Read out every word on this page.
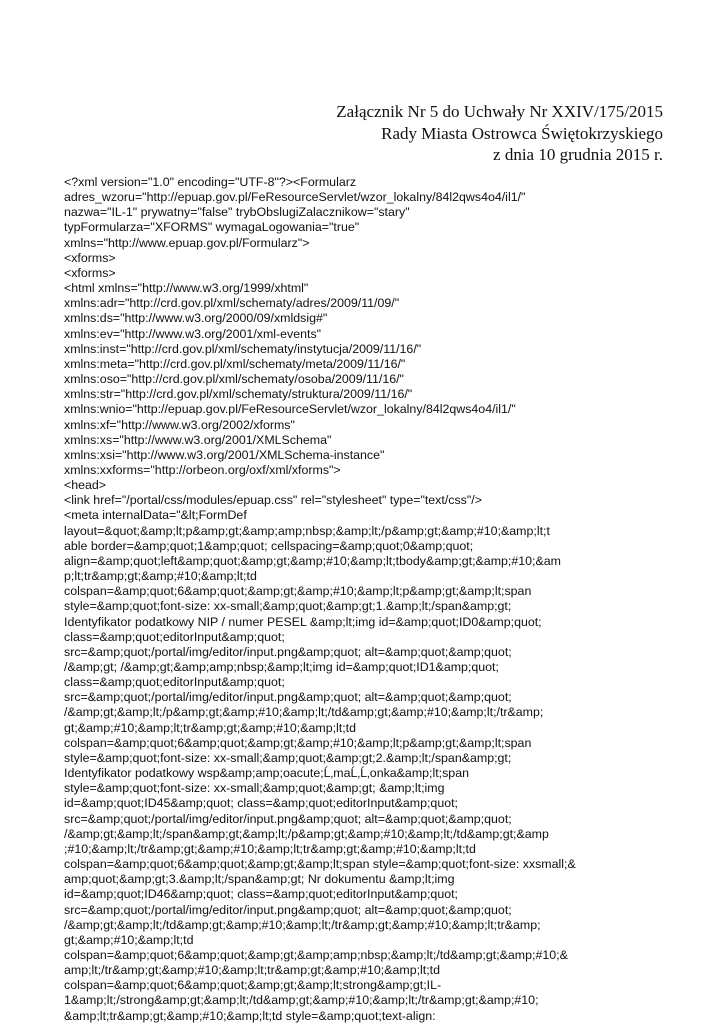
Załącznik Nr 5 do Uchwały Nr XXIV/175/2015
Rady Miasta Ostrowca Świętokrzyskiego
z dnia 10 grudnia 2015 r.
<?xml version="1.0" encoding="UTF-8"?><Formularz
adres_wzoru="http://epuap.gov.pl/FeResourceServlet/wzor_lokalny/84l2qws4o4/il1/"
nazwa="IL-1" prywatny="false" trybObslugiZalacznikow="stary"
typFormularza="XFORMS" wymagaLogowania="true"
xmlns="http://www.epuap.gov.pl/Formularz">
<xforms>
<xforms>
<html xmlns="http://www.w3.org/1999/xhtml"
xmlns:adr="http://crd.gov.pl/xml/schematy/adres/2009/11/09/"
xmlns:ds="http://www.w3.org/2000/09/xmldsig#"
xmlns:ev="http://www.w3.org/2001/xml-events"
xmlns:inst="http://crd.gov.pl/xml/schematy/instytucja/2009/11/16/"
xmlns:meta="http://crd.gov.pl/xml/schematy/meta/2009/11/16/"
xmlns:oso="http://crd.gov.pl/xml/schematy/osoba/2009/11/16/"
xmlns:str="http://crd.gov.pl/xml/schematy/struktura/2009/11/16/"
xmlns:wnio="http://epuap.gov.pl/FeResourceServlet/wzor_lokalny/84l2qws4o4/il1/"
xmlns:xf="http://www.w3.org/2002/xforms"
xmlns:xs="http://www.w3.org/2001/XMLSchema"
xmlns:xsi="http://www.w3.org/2001/XMLSchema-instance"
xmlns:xxforms="http://orbeon.org/oxf/xml/xforms">
<head>
<link href="/portal/css/modules/epuap.css" rel="stylesheet" type="text/css"/>
<meta internalData="&lt;FormDef
layout=&quot;&amp;lt;p&amp;gt;&amp;amp;nbsp;&amp;lt;/p&amp;gt;&amp;#10;&amp;lt;t
able border=&amp;quot;1&amp;quot; cellspacing=&amp;quot;0&amp;quot;
align=&amp;quot;left&amp;quot;&amp;gt;&amp;#10;&amp;lt;tbody&amp;gt;&amp;#10;&am
p;lt;tr&amp;gt;&amp;#10;&amp;lt;td
colspan=&amp;quot;6&amp;quot;&amp;gt;&amp;#10;&amp;lt;p&amp;gt;&amp;lt;span
style=&amp;quot;font-size: xx-small;&amp;quot;&amp;gt;1.&amp;lt;/span&amp;gt;
Identyfikator podatkowy NIP / numer PESEL &amp;lt;img id=&amp;quot;ID0&amp;quot;
class=&amp;quot;editorInput&amp;quot;
src=&amp;quot;/portal/img/editor/input.png&amp;quot; alt=&amp;quot;&amp;quot;
/&amp;gt; /&amp;gt;&amp;amp;nbsp;&amp;lt;img id=&amp;quot;ID1&amp;quot;
class=&amp;quot;editorInput&amp;quot;
src=&amp;quot;/portal/img/editor/input.png&amp;quot; alt=&amp;quot;&amp;quot;
/&amp;gt;&amp;lt;/p&amp;gt;&amp;#10;&amp;lt;/td&amp;gt;&amp;#10;&amp;lt;/tr&amp;
gt;&amp;#10;&amp;lt;tr&amp;gt;&amp;#10;&amp;lt;td
colspan=&amp;quot;6&amp;quot;&amp;gt;&amp;#10;&amp;lt;p&amp;gt;&amp;lt;span
style=&amp;quot;font-size: xx-small;&amp;quot;&amp;gt;2.&amp;lt;/span&amp;gt;
Identyfikator podatkowy wsp&amp;amp;oacute;Ĺ‚maĹ‚Ĺ‚onka&amp;lt;span
style=&amp;quot;font-size: xx-small;&amp;quot;&amp;gt; &amp;lt;img
id=&amp;quot;ID45&amp;quot; class=&amp;quot;editorInput&amp;quot;
src=&amp;quot;/portal/img/editor/input.png&amp;quot; alt=&amp;quot;&amp;quot;
/&amp;gt;&amp;lt;/span&amp;gt;&amp;lt;/p&amp;gt;&amp;#10;&amp;lt;/td&amp;gt;&amp
;#10;&amp;lt;/tr&amp;gt;&amp;#10;&amp;lt;tr&amp;gt;&amp;#10;&amp;lt;td
colspan=&amp;quot;6&amp;quot;&amp;gt;&amp;lt;span style=&amp;quot;font-size: xxsmall;&
amp;quot;&amp;gt;3.&amp;lt;/span&amp;gt; Nr dokumentu &amp;lt;img
id=&amp;quot;ID46&amp;quot; class=&amp;quot;editorInput&amp;quot;
src=&amp;quot;/portal/img/editor/input.png&amp;quot; alt=&amp;quot;&amp;quot;
/&amp;gt;&amp;lt;/td&amp;gt;&amp;#10;&amp;lt;/tr&amp;gt;&amp;#10;&amp;lt;tr&amp;
gt;&amp;#10;&amp;lt;td
colspan=&amp;quot;6&amp;quot;&amp;gt;&amp;amp;nbsp;&amp;lt;/td&amp;gt;&amp;#10;&
amp;lt;/tr&amp;gt;&amp;#10;&amp;lt;tr&amp;gt;&amp;#10;&amp;lt;td
colspan=&amp;quot;6&amp;quot;&amp;gt;&amp;lt;strong&amp;gt;IL-
1&amp;lt;/strong&amp;gt;&amp;lt;/td&amp;gt;&amp;#10;&amp;lt;/tr&amp;gt;&amp;#10;
&amp;lt;tr&amp;gt;&amp;#10;&amp;lt;td style=&amp;quot;text-align:
